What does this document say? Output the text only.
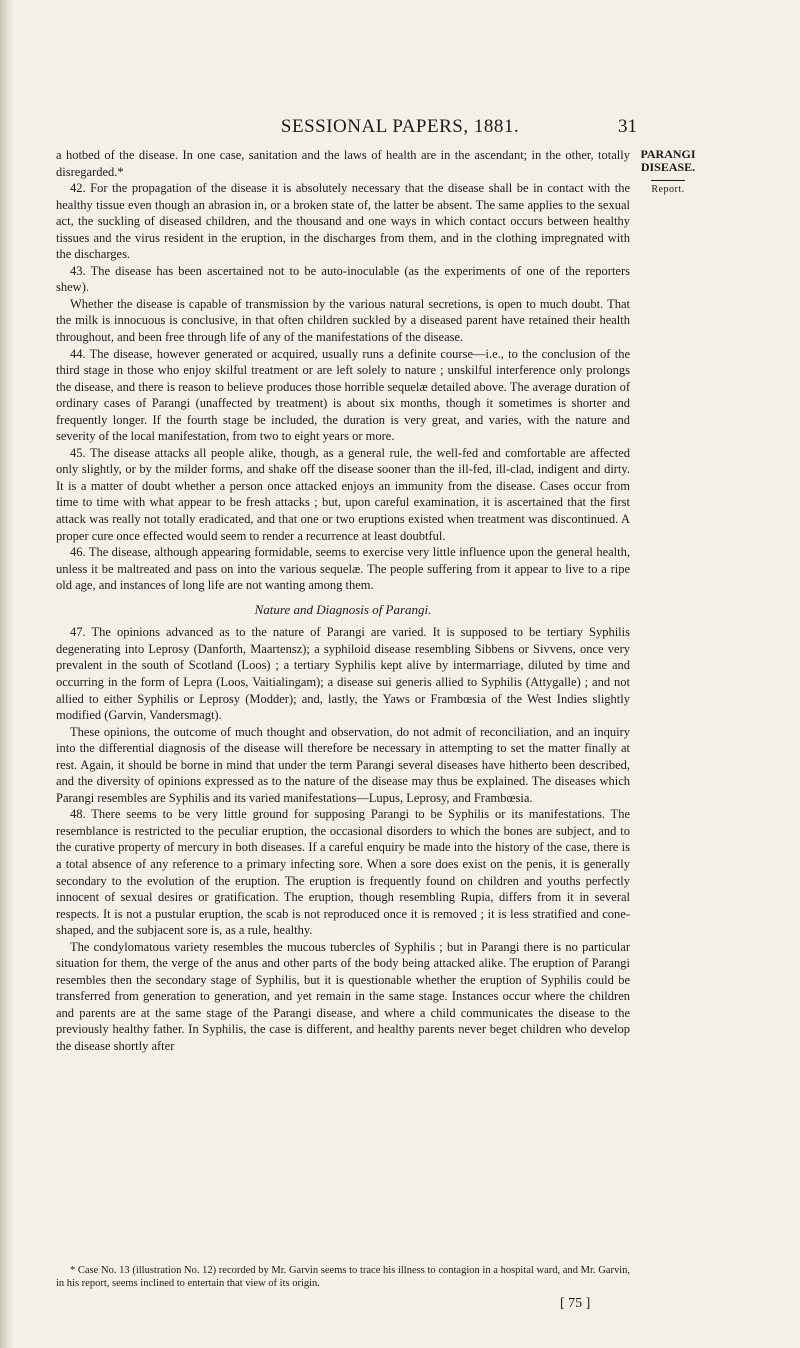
SESSIONAL PAPERS, 1881.	31
PARANGI
DISEASE.
Report.

a hotbed of the disease. In one case, sanitation and the laws of health are in the ascendant; in the other, totally disregarded.*

42. For the propagation of the disease it is absolutely necessary that the disease shall be in contact with the healthy tissue even though an abrasion in, or a broken state of, the latter be absent. The same applies to the sexual act, the suckling of diseased children, and the thousand and one ways in which contact occurs between healthy tissues and the virus resident in the eruption, in the discharges from them, and in the clothing impregnated with the discharges.

43. The disease has been ascertained not to be auto-inoculable (as the experiments of one of the reporters shew).

Whether the disease is capable of transmission by the various natural secretions, is open to much doubt. That the milk is innocuous is conclusive, in that often children suckled by a diseased parent have retained their health throughout, and been free through life of any of the manifestations of the disease.

44. The disease, however generated or acquired, usually runs a definite course—i.e., to the conclusion of the third stage in those who enjoy skilful treatment or are left solely to nature ; unskilful interference only prolongs the disease, and there is reason to believe produces those horrible sequelæ detailed above. The average duration of ordinary cases of Parangi (unaffected by treatment) is about six months, though it sometimes is shorter and frequently longer. If the fourth stage be included, the duration is very great, and varies, with the nature and severity of the local manifestation, from two to eight years or more.

45. The disease attacks all people alike, though, as a general rule, the well-fed and comfortable are affected only slightly, or by the milder forms, and shake off the disease sooner than the ill-fed, ill-clad, indigent and dirty. It is a matter of doubt whether a person once attacked enjoys an immunity from the disease. Cases occur from time to time with what appear to be fresh attacks ; but, upon careful examination, it is ascertained that the first attack was really not totally eradicated, and that one or two eruptions existed when treatment was discontinued. A proper cure once effected would seem to render a recurrence at least doubtful.

46. The disease, although appearing formidable, seems to exercise very little influence upon the general health, unless it be maltreated and pass on into the various sequelæ. The people suffering from it appear to live to a ripe old age, and instances of long life are not wanting among them.

Nature and Diagnosis of Parangi.

47. The opinions advanced as to the nature of Parangi are varied. It is supposed to be tertiary Syphilis degenerating into Leprosy (Danforth, Maartensz); a syphiloid disease resembling Sibbens or Sivvens, once very prevalent in the south of Scotland (Loos) ; a tertiary Syphilis kept alive by intermarriage, diluted by time and occurring in the form of Lepra (Loos, Vaitialingam); a disease sui generis allied to Syphilis (Attygalle) ; and not allied to either Syphilis or Leprosy (Modder); and, lastly, the Yaws or Frambœsia of the West Indies slightly modified (Garvin, Vandersmagt).

These opinions, the outcome of much thought and observation, do not admit of reconciliation, and an inquiry into the differential diagnosis of the disease will therefore be necessary in attempting to set the matter finally at rest. Again, it should be borne in mind that under the term Parangi several diseases have hitherto been described, and the diversity of opinions expressed as to the nature of the disease may thus be explained. The diseases which Parangi resembles are Syphilis and its varied manifestations—Lupus, Leprosy, and Frambœsia.

48. There seems to be very little ground for supposing Parangi to be Syphilis or its manifestations. The resemblance is restricted to the peculiar eruption, the occasional disorders to which the bones are subject, and to the curative property of mercury in both diseases. If a careful enquiry be made into the history of the case, there is a total absence of any reference to a primary infecting sore. When a sore does exist on the penis, it is generally secondary to the evolution of the eruption. The eruption is frequently found on children and youths perfectly innocent of sexual desires or gratification. The eruption, though resembling Rupia, differs from it in several respects. It is not a pustular eruption, the scab is not reproduced once it is removed ; it is less stratified and cone-shaped, and the subjacent sore is, as a rule, healthy.

The condylomatous variety resembles the mucous tubercles of Syphilis ; but in Parangi there is no particular situation for them, the verge of the anus and other parts of the body being attacked alike. The eruption of Parangi resembles then the secondary stage of Syphilis, but it is questionable whether the eruption of Syphilis could be transferred from generation to generation, and yet remain in the same stage. Instances occur where the children and parents are at the same stage of the Parangi disease, and where a child communicates the disease to the previously healthy father. In Syphilis, the case is different, and healthy parents never beget children who develop the disease shortly after

* Case No. 13 (illustration No. 12) recorded by Mr. Garvin seems to trace his illness to contagion in a hospital ward, and Mr. Garvin, in his report, seems inclined to entertain that view of its origin.

[ 75 ]
